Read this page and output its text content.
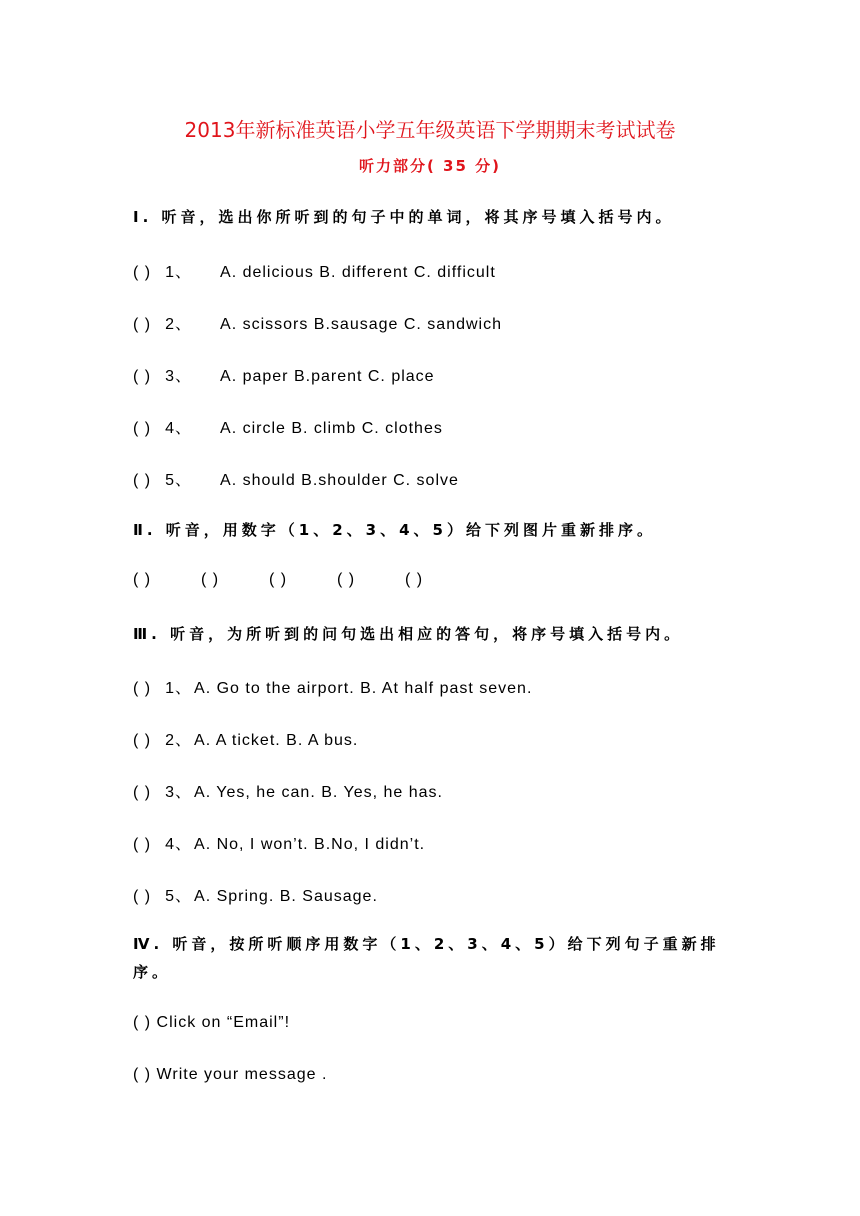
2013年新标准英语小学五年级英语下学期期末考试试卷
听力部分( 35 分)
Ⅰ. 听音，选出你所听到的句子中的单词，将其序号填入括号内。
( ) 1、 A. delicious B. different C. difficult
( ) 2、 A. scissors B.sausage C. sandwich
( ) 3、 A. paper B.parent C. place
( ) 4、 A. circle B. climb C. clothes
( ) 5、 A. should B.shoulder C. solve
Ⅱ. 听音，用数字（1、2、3、4、5）给下列图片重新排序。
( )	( )	( )	( )	( )
Ⅲ. 听音，为所听到的问句选出相应的答句，将序号填入括号内。
( ) 1、 A. Go to the airport. B. At half past seven.
( ) 2、 A. A ticket. B. A bus.
( ) 3、 A. Yes, he can. B. Yes, he has.
( ) 4、 A. No, I won’t. B.No, I didn’t.
( ) 5、 A. Spring. B. Sausage.
Ⅳ. 听音，按所听顺序用数字（1、2、3、4、5）给下列句子重新排序。
( ) Click on “Email”!
( ) Write your message .
